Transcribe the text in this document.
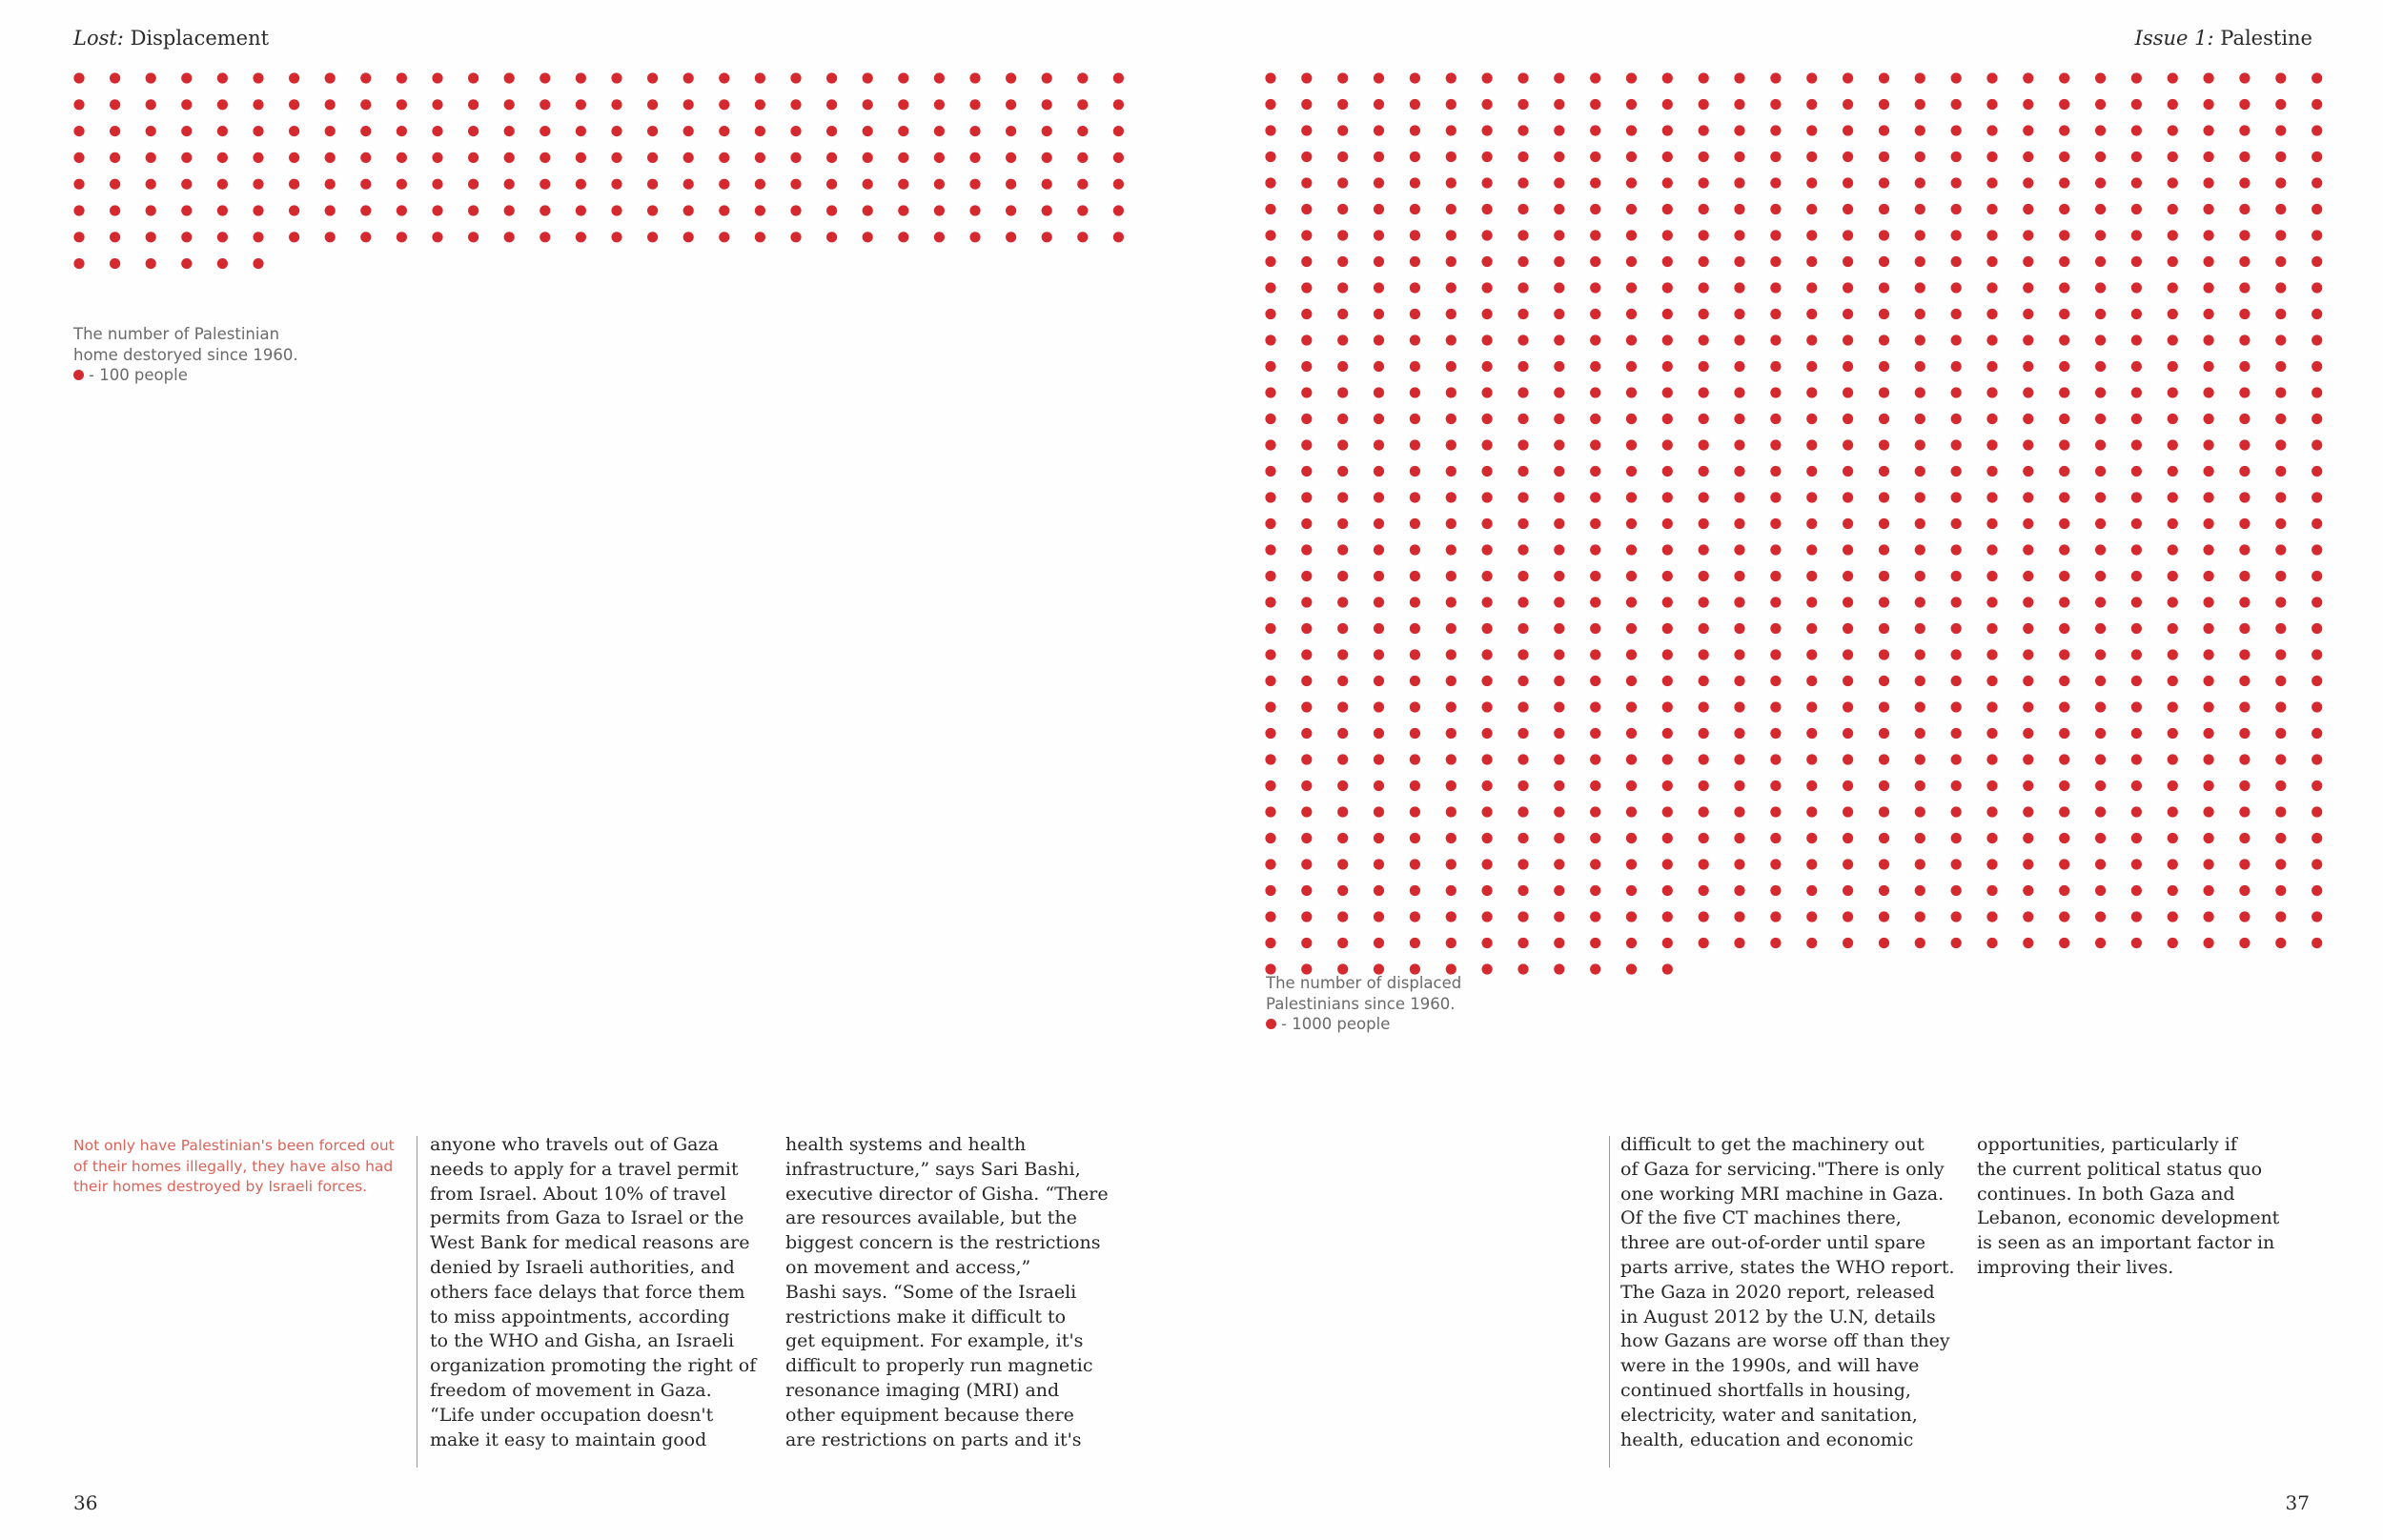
Lost: Displacement	Issue 1: Palestine
The number of Palestinian
home destoryed since 1960.
- 100 people
The number of displaced
Palestinians since 1960.
- 1000 people
Not only have Palestinian's been forced out
of their homes illegally, they have also had
their homes destroyed by Israeli forces.
anyone who travels out of Gaza
needs to apply for a travel permit
from Israel. About 10% of travel
permits from Gaza to Israel or the
West Bank for medical reasons are
denied by Israeli authorities, and
others face delays that force them
to miss appointments, according
to the WHO and Gisha, an Israeli
organization promoting the right of
freedom of movement in Gaza.
“Life under occupation doesn't
make it easy to maintain good
health systems and health
infrastructure,” says Sari Bashi,
executive director of Gisha. “There
are resources available, but the
biggest concern is the restrictions
on movement and access,”
Bashi says. “Some of the Israeli
restrictions make it difficult to
get equipment. For example, it's
difficult to properly run magnetic
resonance imaging (MRI) and
other equipment because there
are restrictions on parts and it's
difficult to get the machinery out
of Gaza for servicing."There is only
one working MRI machine in Gaza.
Of the five CT machines there,
three are out-of-order until spare
parts arrive, states the WHO report.
The Gaza in 2020 report, released
in August 2012 by the U.N, details
how Gazans are worse off than they
were in the 1990s, and will have
continued shortfalls in housing,
electricity, water and sanitation,
health, education and economic
opportunities, particularly if
the current political status quo
continues. In both Gaza and
Lebanon, economic development
is seen as an important factor in
improving their lives.
36	37
